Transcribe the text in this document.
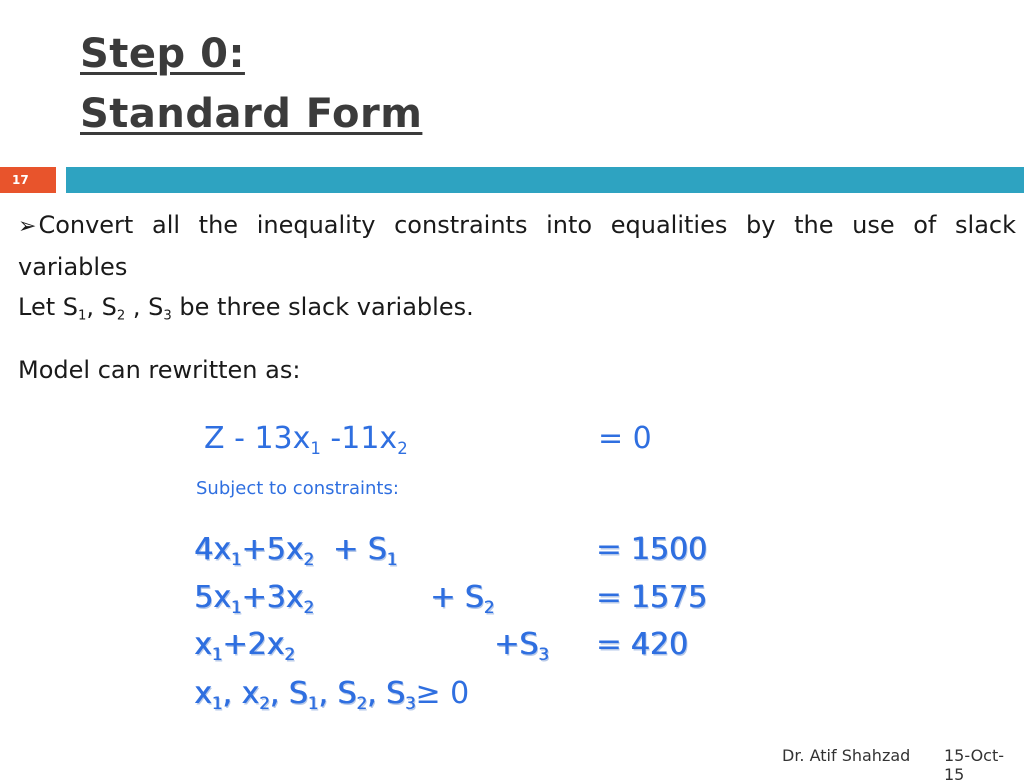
Step 0:
Standard Form
17
➢Convert all the inequality constraints into equalities by the use of slack
variables
Let $S_1$, $S_2$ , $S_3$ be three slack variables.
Model can rewritten as:
Z - $13x_1$ $-11x_2$	= 0
Subject to constraints:
$4x_1+5x_2 + S_1$	= 1500
$5x_1+3x_2$	+ $S_2$	= 1575
$x_1+2x_2$	$+S_3 = 420$
$x_1$, $x_2$, $S_1$, $S_2$, $S_3\ge 0$
Dr. Atif Shahzad 15-Oct-15
